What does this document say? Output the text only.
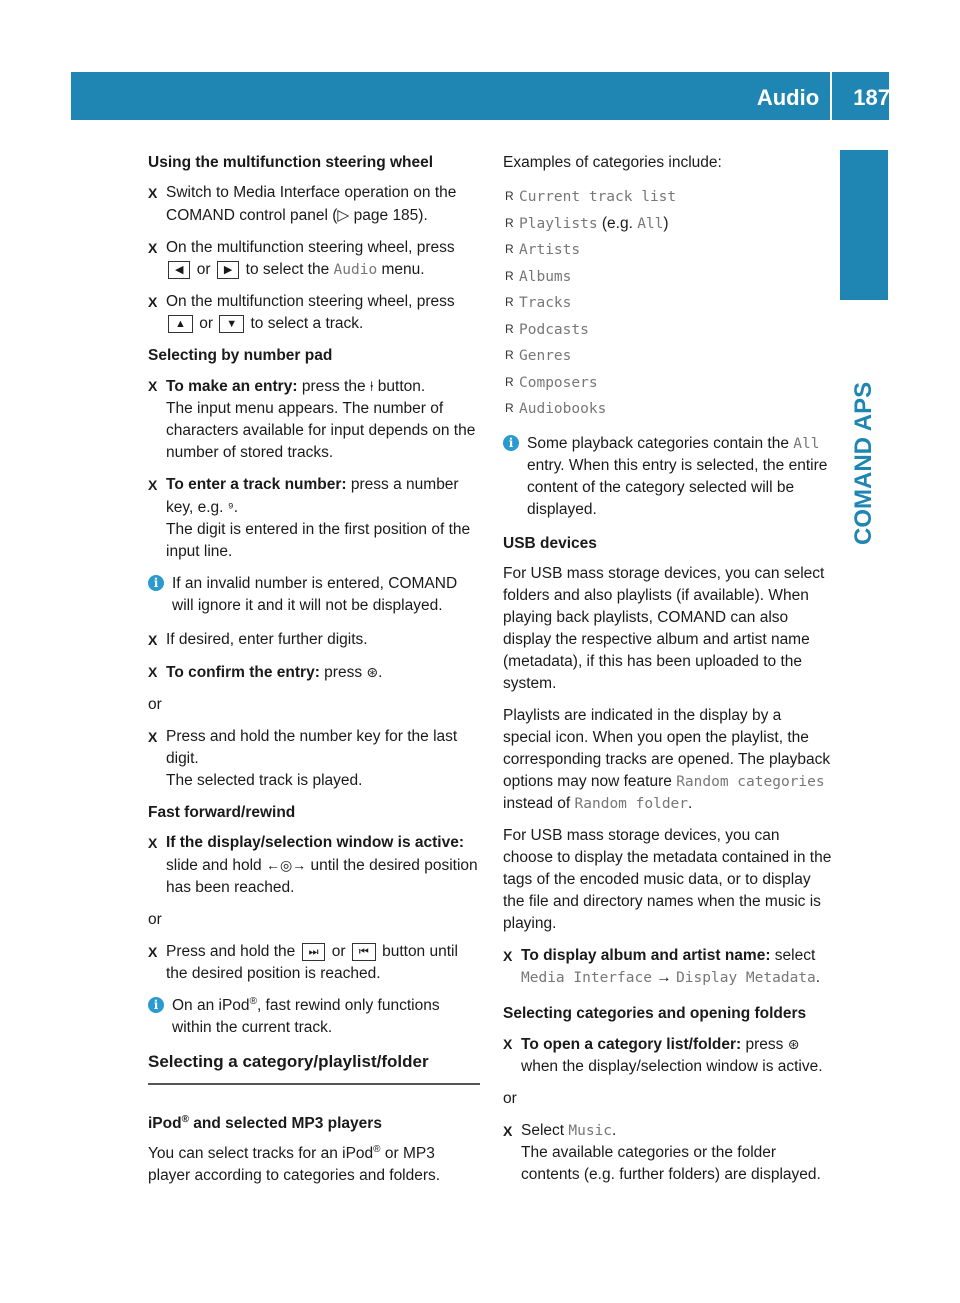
Audio 187
COMAND APS
Using the multifunction steering wheel
X Switch to Media Interface operation on the COMAND control panel (▷ page 185).
X On the multifunction steering wheel, press ◀ or ▶ to select the Audio menu.
X On the multifunction steering wheel, press ▲ or ▼ to select a track.
Selecting by number pad
X To make an entry: press the ⍿ button.
The input menu appears. The number of characters available for input depends on the number of stored tracks.
X To enter a track number: press a number key, e.g. ⁹.
The digit is entered in the first position of the input line.
i If an invalid number is entered, COMAND will ignore it and it will not be displayed.
X If desired, enter further digits.
X To confirm the entry: press ⊛.
or
X Press and hold the number key for the last digit.
The selected track is played.
Fast forward/rewind
X If the display/selection window is active: slide and hold ←◎→ until the desired position has been reached.
or
X Press and hold the ⏭ or ⏮ button until the desired position is reached.
i On an iPod®, fast rewind only functions within the current track.
Selecting a category/playlist/folder
iPod® and selected MP3 players
You can select tracks for an iPod® or MP3 player according to categories and folders.
Examples of categories include:
R Current track list
R Playlists (e.g. All)
R Artists
R Albums
R Tracks
R Podcasts
R Genres
R Composers
R Audiobooks
i Some playback categories contain the All entry. When this entry is selected, the entire content of the category selected will be displayed.
USB devices
For USB mass storage devices, you can select folders and also playlists (if available). When playing back playlists, COMAND can also display the respective album and artist name (metadata), if this has been uploaded to the system.
Playlists are indicated in the display by a special icon. When you open the playlist, the corresponding tracks are opened. The playback options may now feature Random categories instead of Random folder.
For USB mass storage devices, you can choose to display the metadata contained in the tags of the encoded music data, or to display the file and directory names when the music is playing.
X To display album and artist name: select Media Interface → Display Metadata.
Selecting categories and opening folders
X To open a category list/folder: press ⊛ when the display/selection window is active.
or
X Select Music.
The available categories or the folder contents (e.g. further folders) are displayed.
